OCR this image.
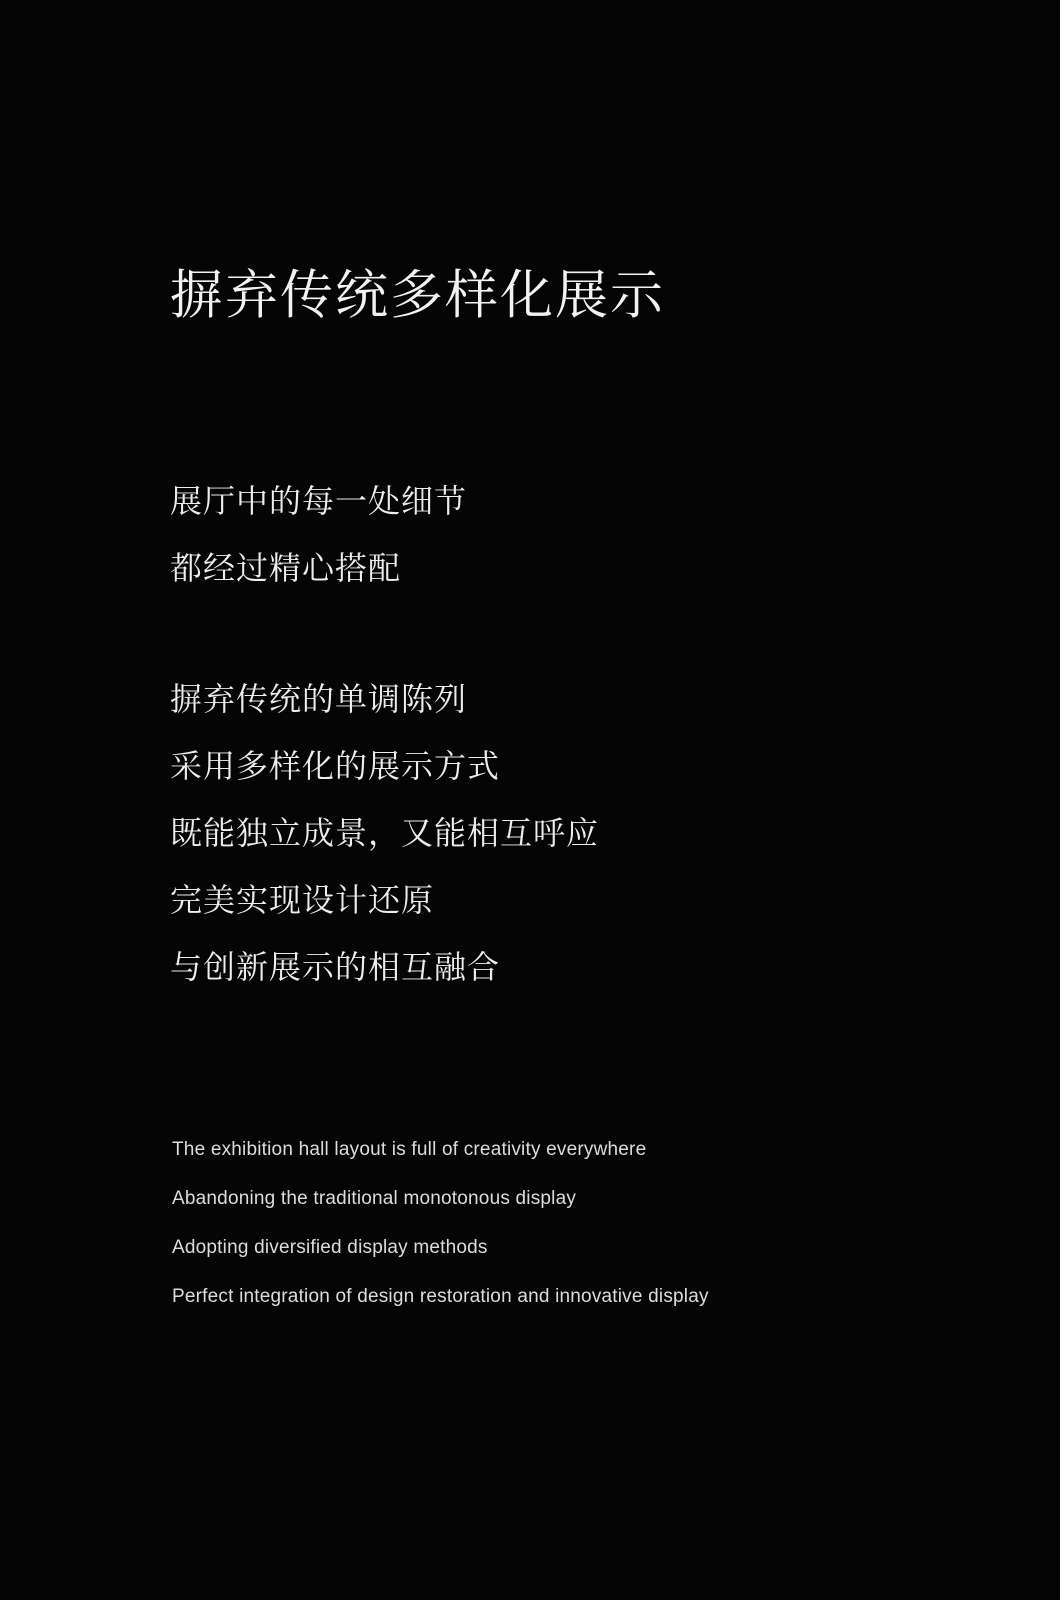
摒弃传统多样化展示
展厅中的每一处细节
都经过精心搭配
摒弃传统的单调陈列
采用多样化的展示方式
既能独立成景，又能相互呼应
完美实现设计还原
与创新展示的相互融合
The exhibition hall layout is full of creativity everywhere
Abandoning the traditional monotonous display
Adopting diversified display methods
Perfect integration of design restoration and innovative display
